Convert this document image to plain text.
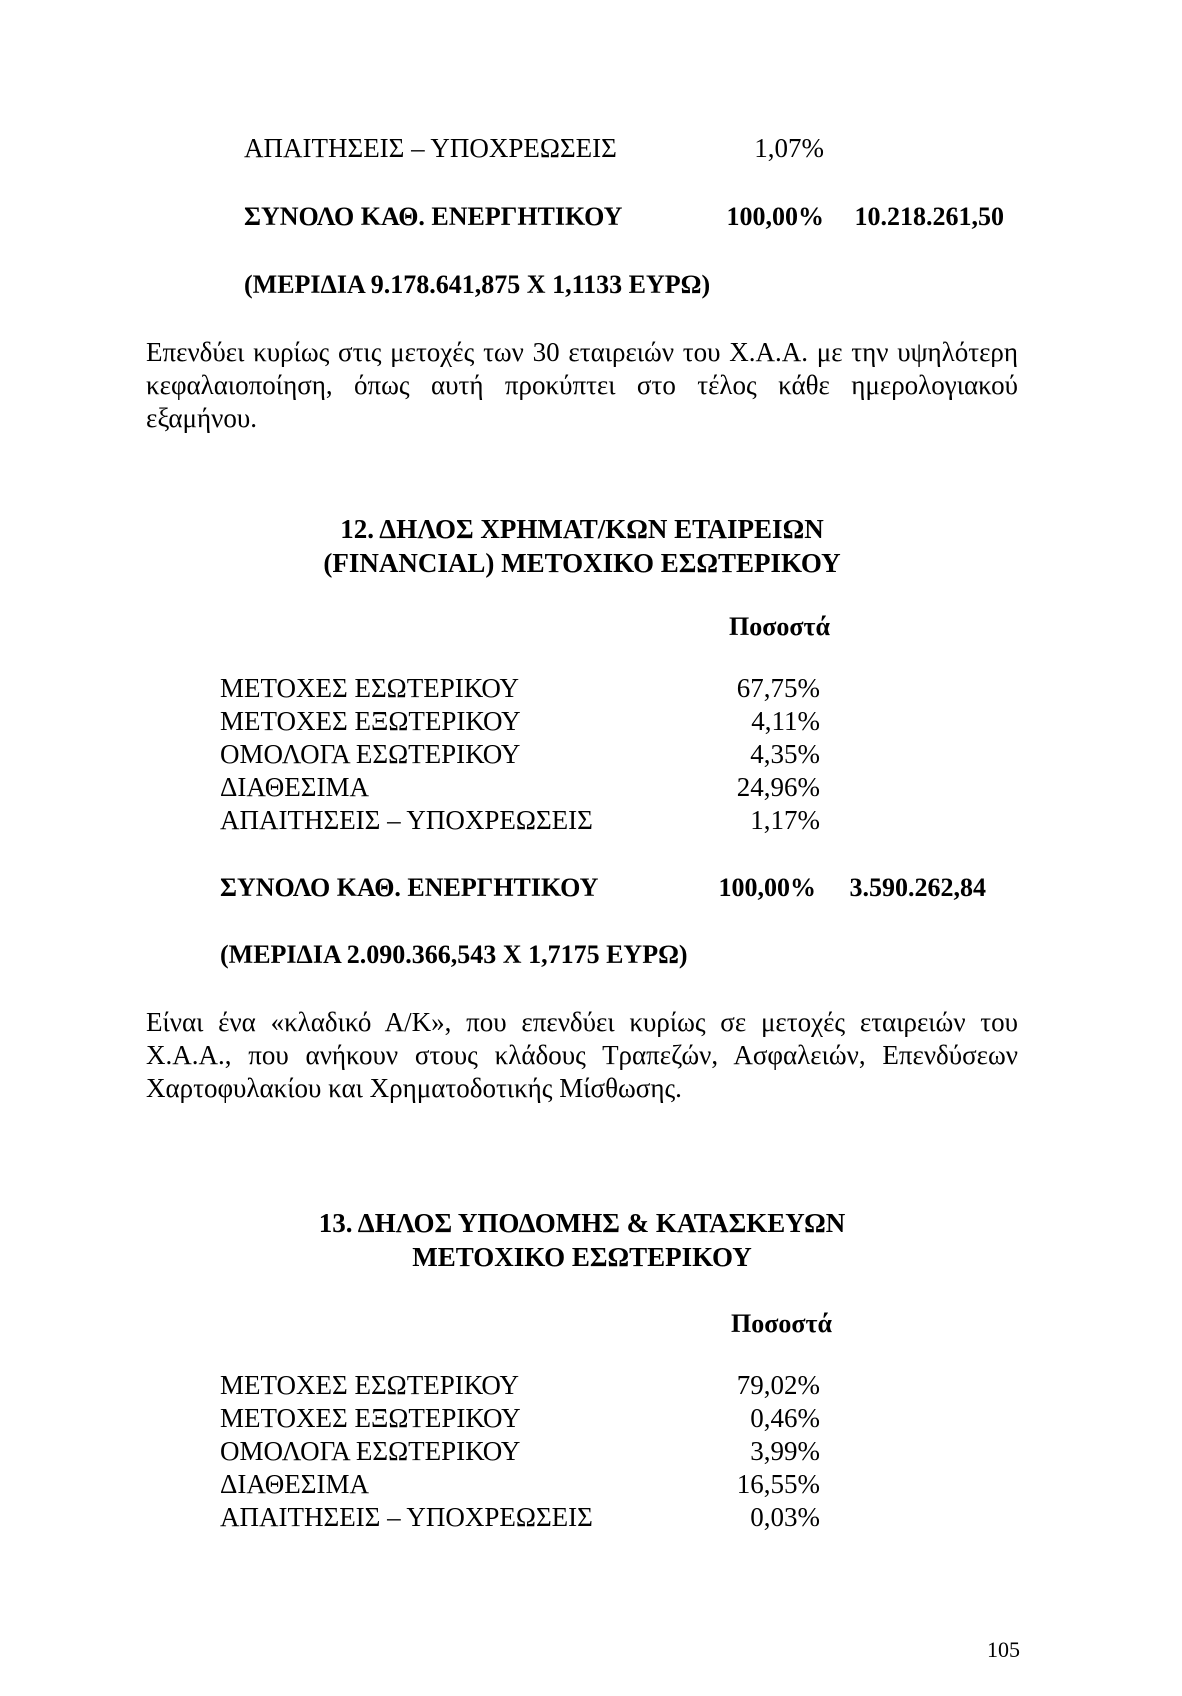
ΑΠΑΙΤΗΣΕΙΣ – ΥΠΟΧΡΕΩΣΕΙΣ	1,07%
ΣΥΝΟΛΟ ΚΑΘ. ΕΝΕΡΓΗΤΙΚΟΥ	100,00%	10.218.261,50
(ΜΕΡΙΔΙΑ 9.178.641,875 Χ 1,1133 ΕΥΡΩ)
Επενδύει κυρίως στις μετοχές των 30 εταιρειών του Χ.Α.Α. με την υψηλότερη κεφαλαιοποίηση, όπως αυτή προκύπτει στο τέλος κάθε ημερολογιακού εξαμήνου.
12. ΔΗΛΟΣ ΧΡΗΜΑΤ/ΚΩΝ ΕΤΑΙΡΕΙΩΝ
(FINANCIAL) ΜΕΤΟΧΙΚΟ ΕΣΩΤΕΡΙΚΟΥ
Ποσοστά
ΜΕΤΟΧΕΣ ΕΣΩΤΕΡΙΚΟΥ	67,75%
ΜΕΤΟΧΕΣ ΕΞΩΤΕΡΙΚΟΥ	4,11%
ΟΜΟΛΟΓΑ ΕΣΩΤΕΡΙΚΟΥ	4,35%
ΔΙΑΘΕΣΙΜΑ	24,96%
ΑΠΑΙΤΗΣΕΙΣ – ΥΠΟΧΡΕΩΣΕΙΣ	1,17%
ΣΥΝΟΛΟ ΚΑΘ. ΕΝΕΡΓΗΤΙΚΟΥ	100,00%	3.590.262,84
(ΜΕΡΙΔΙΑ 2.090.366,543 Χ 1,7175 ΕΥΡΩ)
Είναι ένα «κλαδικό Α/Κ», που επενδύει κυρίως σε μετοχές εταιρειών του Χ.Α.Α., που ανήκουν στους κλάδους Τραπεζών, Ασφαλειών, Επενδύσεων Χαρτοφυλακίου και Χρηματοδοτικής Μίσθωσης.
13. ΔΗΛΟΣ ΥΠΟΔΟΜΗΣ & ΚΑΤΑΣΚΕΥΩΝ
ΜΕΤΟΧΙΚΟ ΕΣΩΤΕΡΙΚΟΥ
Ποσοστά
ΜΕΤΟΧΕΣ ΕΣΩΤΕΡΙΚΟΥ	79,02%
ΜΕΤΟΧΕΣ ΕΞΩΤΕΡΙΚΟΥ	0,46%
ΟΜΟΛΟΓΑ ΕΣΩΤΕΡΙΚΟΥ	3,99%
ΔΙΑΘΕΣΙΜΑ	16,55%
ΑΠΑΙΤΗΣΕΙΣ – ΥΠΟΧΡΕΩΣΕΙΣ	0,03%
105
